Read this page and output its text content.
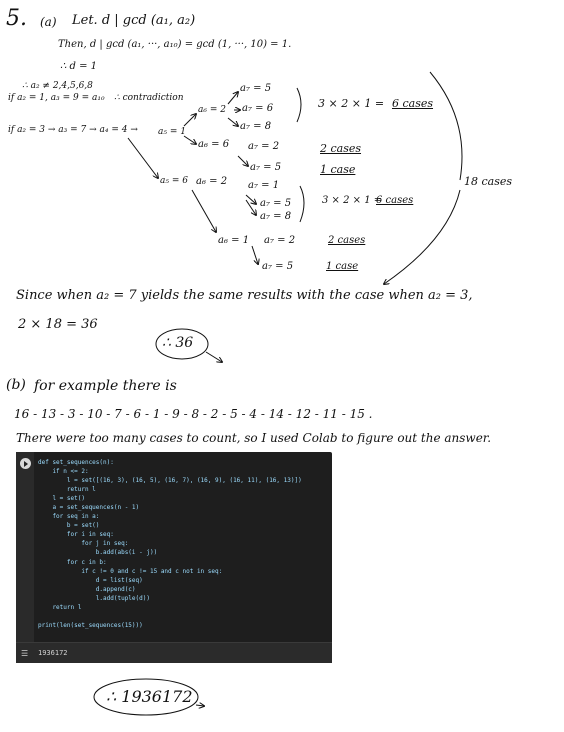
5. (a) Let. d | gcd (a₁, a₂)
Then, d | gcd (a₁, ···, a₁₀) = gcd (1, ···, 10) = 1.
∴ d = 1
∴ a₂ ≠ 2,4,5,6,8
if a₂ = 1, a₃ = 9 = a₁₀ ∴ contradiction
if a₂ = 3 → a₃ = 7 → a₄ = 4 → a₅ = 1
a₅ = 6
a₆ = 2
a₇ = 5
a₇ = 6
a₇ = 8
3 × 2 × 1 = 6 cases
a₆ = 6 a₇ = 2	2 cases
a₇ = 5	1 case
a₆ = 2 a₇ = 1
a₇ = 5
a₇ = 8
3 × 2 × 1 =
6 cases
a₆ = 1 a₇ = 2	2 cases
a₇ = 5	1 case
18 cases
Since when a₂ = 7 yields the same results with the case when a₂ = 3,
2 × 18 = 36
∴ 36
(b) for example there is
16 - 13 - 3 - 10 - 7 - 6 - 1 - 9 - 8 - 2 - 5 - 4 - 14 - 12 - 11 - 15 .
There were too many cases to count, so I used Colab to figure out the answer.
def set_sequences(n):
if n <= 2:
l = set([(16, 3), (16, 5), (16, 7), (16, 9), (16, 11), (16, 13)])
return l
l = set()
a = set_sequences(n - 1)
for seq in a:
b = set()
for i in seq:
for j in seq:
b.add(abs(i - j))
for c in b:
if c != 0 and c != 15 and c not in seq:
d = list(seq)
d.append(c)
l.add(tuple(d))
return l
print(len(set_sequences(15)))
☰ 1936172
∴ 1936172
